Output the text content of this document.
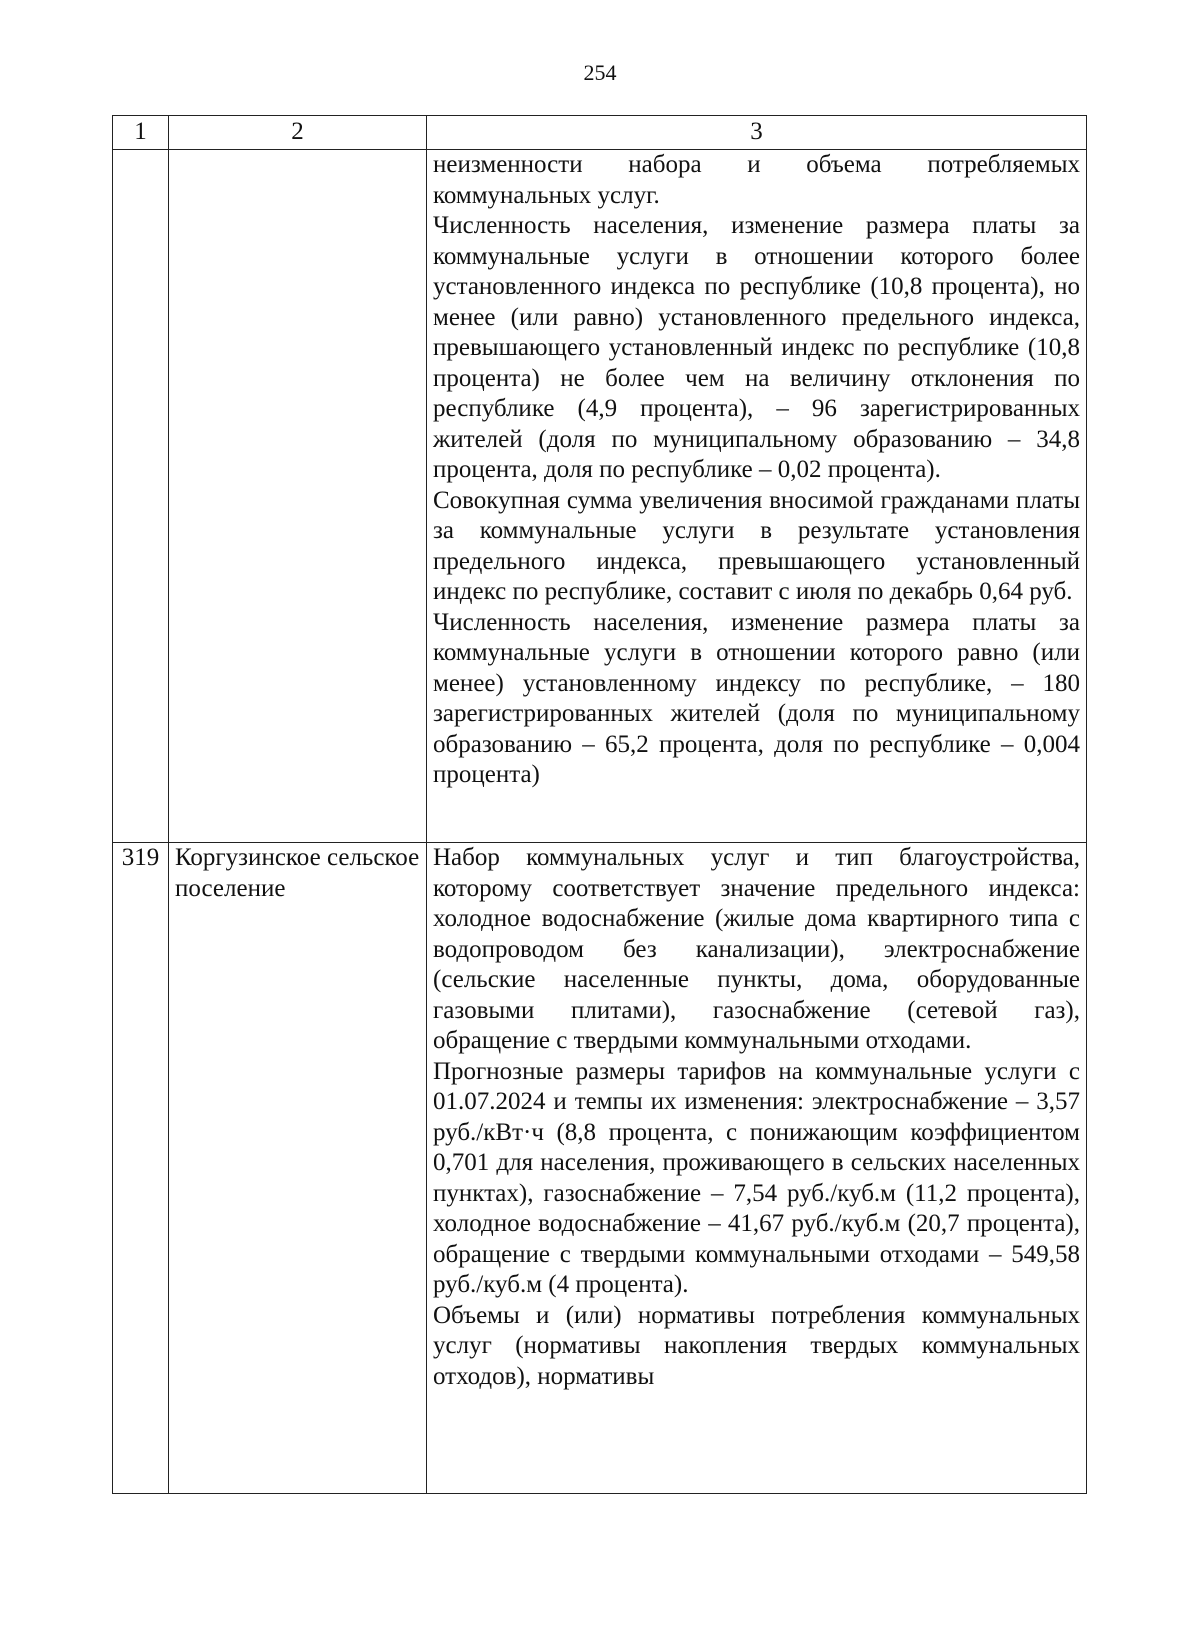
254
1	2	3

		неизменности набора и объема потребляемых коммунальных услуг.

Численность населения, изменение размера платы за коммунальные услуги в отношении которого более установленного индекса по республике (10,8 процента), но менее (или равно) установленного предельного индекса, превышающего установленный индекс по республике (10,8 процента) не более чем на величину отклонения по республике (4,9 процента), – 96 зарегистрированных жителей (доля по муниципальному образованию – 34,8 процента, доля по республике – 0,02 процента).

Совокупная сумма увеличения вносимой гражданами платы за коммунальные услуги в результате установления предельного индекса, превышающего установленный индекс по республике, составит с июля по декабрь 0,64 руб.

Численность населения, изменение размера платы за коммунальные услуги в отношении которого равно (или менее) установленному индексу по республике, – 180 зарегистрированных жителей (доля по муниципальному образованию – 65,2 процента, доля по республике – 0,004 процента)

319	Коргузинское сельское поселение	Набор коммунальных услуг и тип благоустройства, которому соответствует значение предельного индекса: холодное водоснабжение (жилые дома квартирного типа с водопроводом без канализации), электроснабжение (сельские населенные пункты, дома, оборудованные газовыми плитами), газоснабжение (сетевой газ), обращение с твердыми коммунальными отходами.

Прогнозные размеры тарифов на коммунальные услуги с 01.07.2024 и темпы их изменения: электроснабжение – 3,57 руб./кВт·ч (8,8 процента, с понижающим коэффициентом 0,701 для населения, проживающего в сельских населенных пунктах), газоснабжение – 7,54 руб./куб.м (11,2 процента), холодное водоснабжение – 41,67 руб./куб.м (20,7 процента), обращение с твердыми коммунальными отходами – 549,58 руб./куб.м (4 процента).

Объемы и (или) нормативы потребления коммунальных услуг (нормативы накопления твердых коммунальных отходов), нормативы
